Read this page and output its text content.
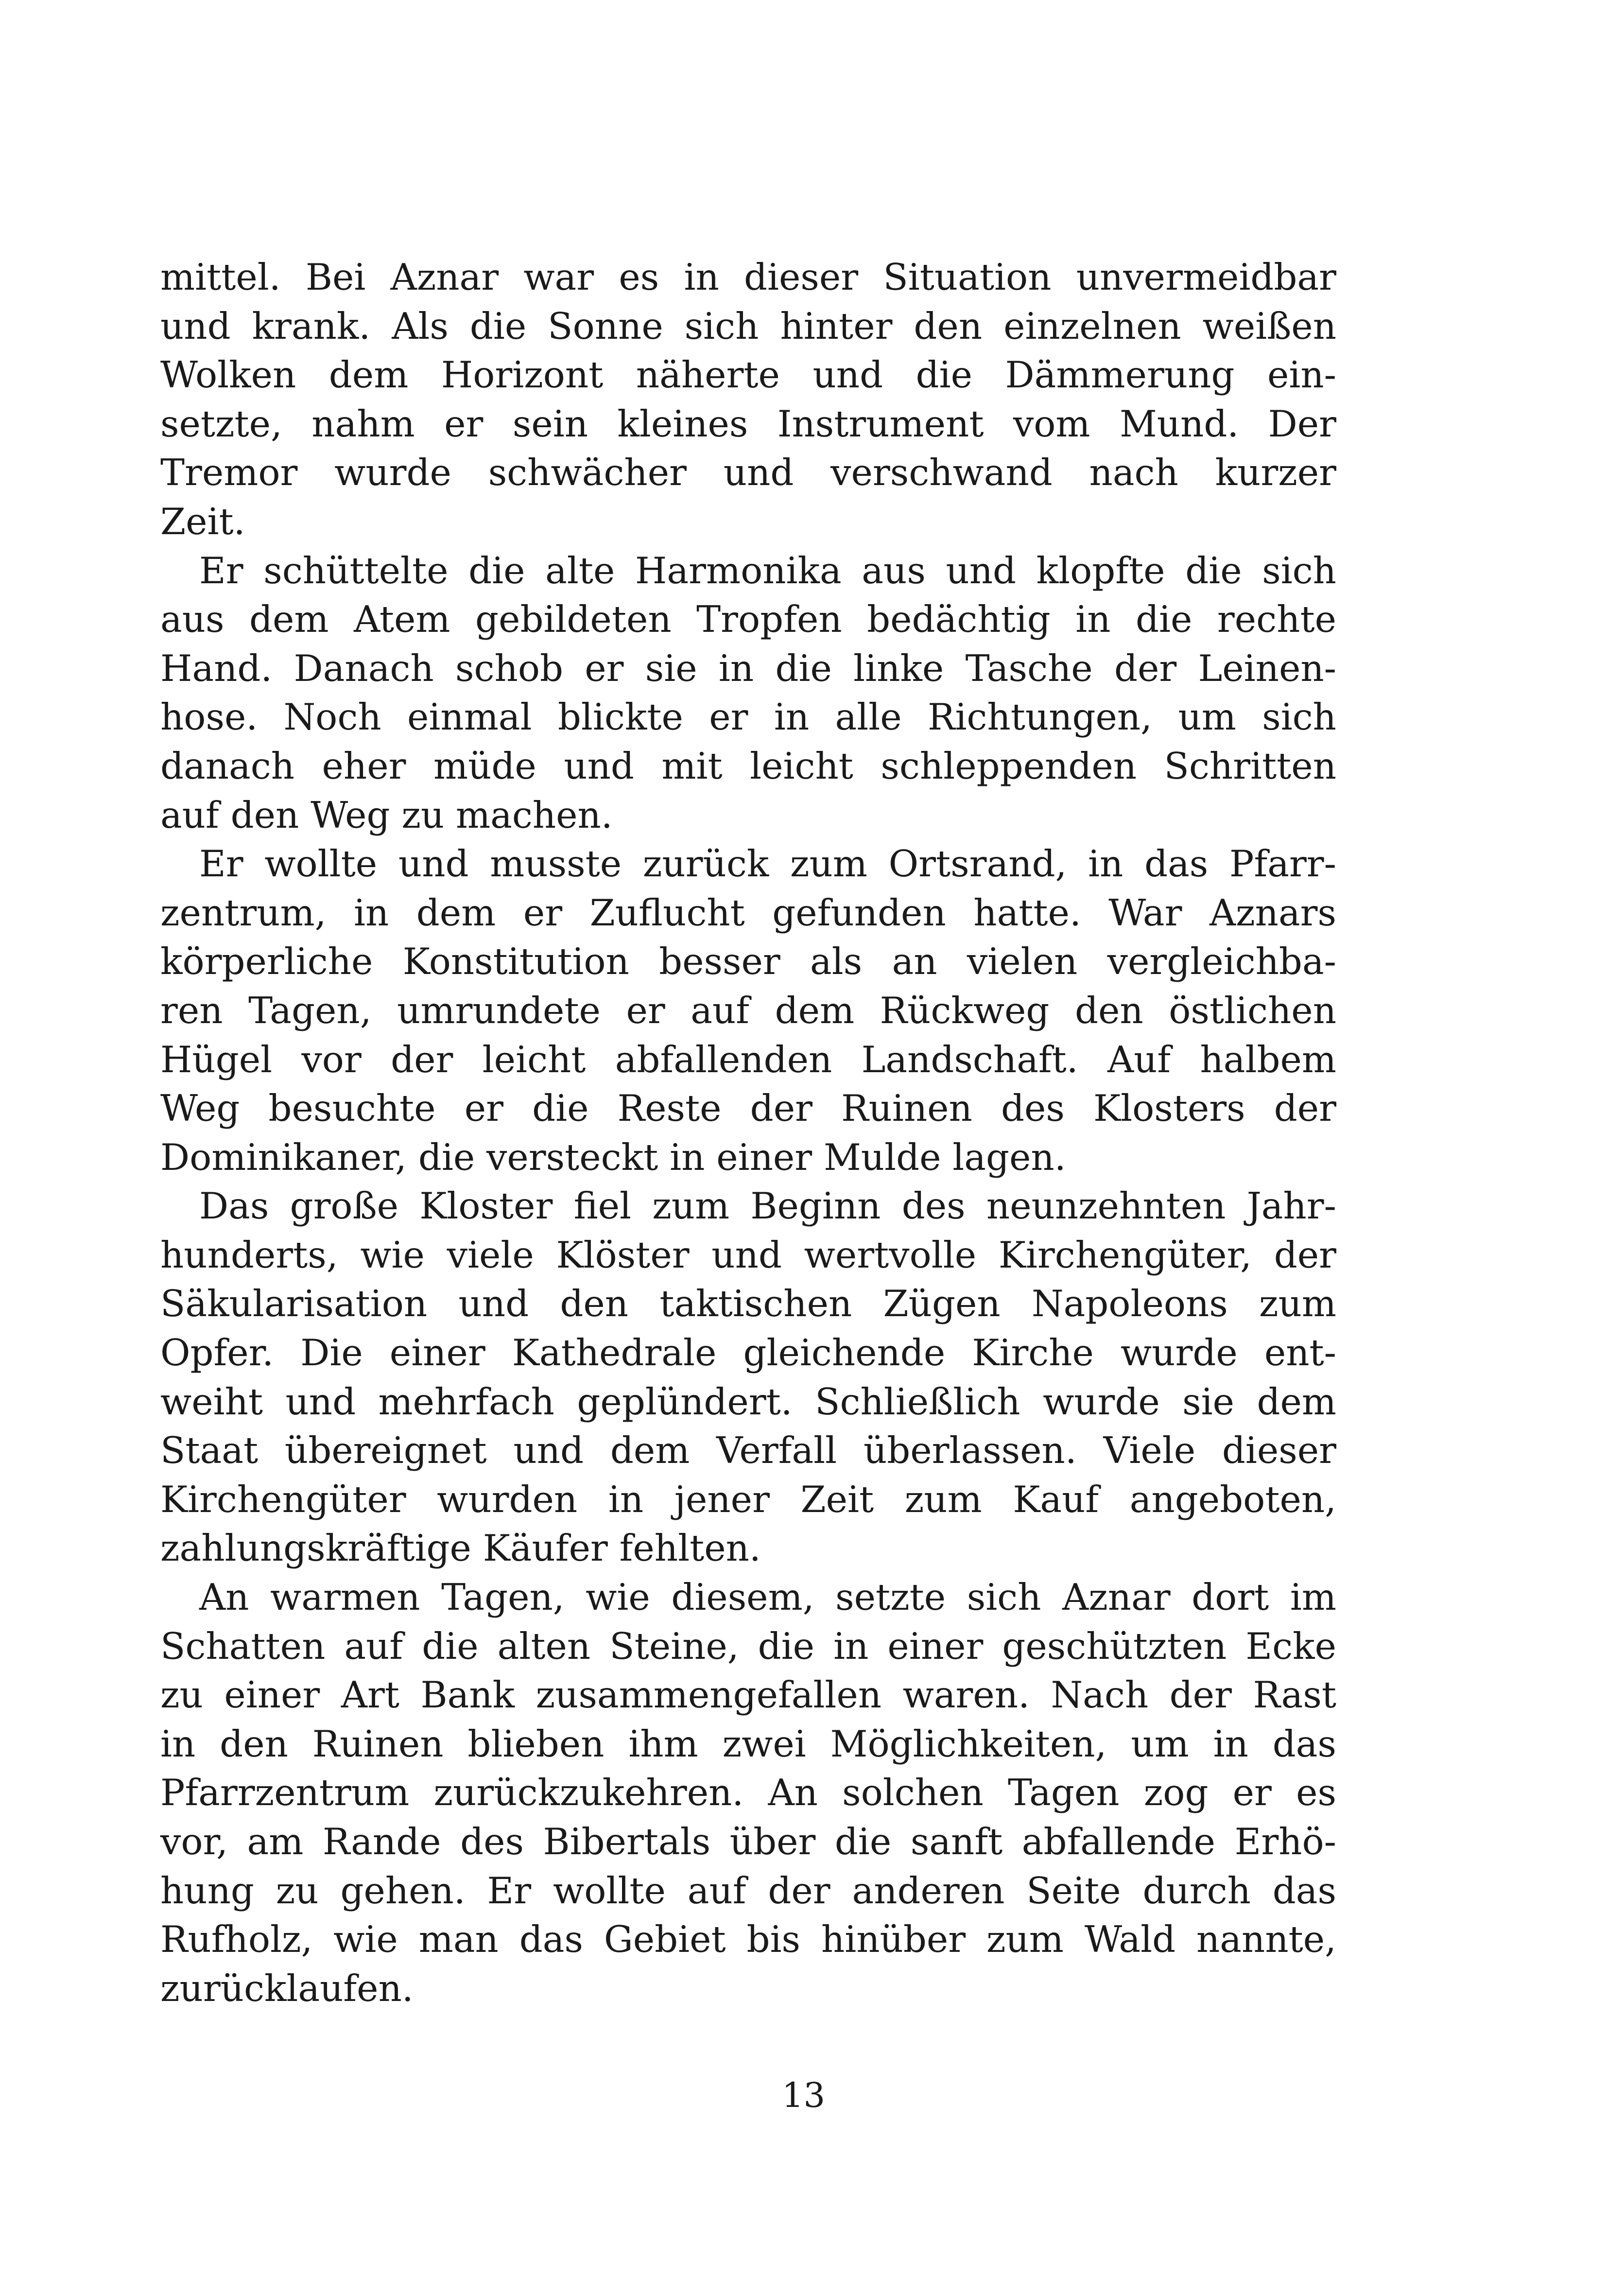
mittel. Bei Aznar war es in dieser Situation unvermeidbar
und krank. Als die Sonne sich hinter den einzelnen weißen
Wolken dem Horizont näherte und die Dämmerung ein-
setzte, nahm er sein kleines Instrument vom Mund. Der
Tremor wurde schwächer und verschwand nach kurzer
Zeit.
Er schüttelte die alte Harmonika aus und klopfte die sich
aus dem Atem gebildeten Tropfen bedächtig in die rechte
Hand. Danach schob er sie in die linke Tasche der Leinen-
hose. Noch einmal blickte er in alle Richtungen, um sich
danach eher müde und mit leicht schleppenden Schritten
auf den Weg zu machen.
Er wollte und musste zurück zum Ortsrand, in das Pfarr-
zentrum, in dem er Zuflucht gefunden hatte. War Aznars
körperliche Konstitution besser als an vielen vergleichba-
ren Tagen, umrundete er auf dem Rückweg den östlichen
Hügel vor der leicht abfallenden Landschaft. Auf halbem
Weg besuchte er die Reste der Ruinen des Klosters der
Dominikaner, die versteckt in einer Mulde lagen.
Das große Kloster fiel zum Beginn des neunzehnten Jahr-
hunderts, wie viele Klöster und wertvolle Kirchengüter, der
Säkularisation und den taktischen Zügen Napoleons zum
Opfer. Die einer Kathedrale gleichende Kirche wurde ent-
weiht und mehrfach geplündert. Schließlich wurde sie dem
Staat übereignet und dem Verfall überlassen. Viele dieser
Kirchengüter wurden in jener Zeit zum Kauf angeboten,
zahlungskräftige Käufer fehlten.
An warmen Tagen, wie diesem, setzte sich Aznar dort im
Schatten auf die alten Steine, die in einer geschützten Ecke
zu einer Art Bank zusammengefallen waren. Nach der Rast
in den Ruinen blieben ihm zwei Möglichkeiten, um in das
Pfarrzentrum zurückzukehren. An solchen Tagen zog er es
vor, am Rande des Bibertals über die sanft abfallende Erhö-
hung zu gehen. Er wollte auf der anderen Seite durch das
Rufholz, wie man das Gebiet bis hinüber zum Wald nannte,
zurücklaufen.
13
